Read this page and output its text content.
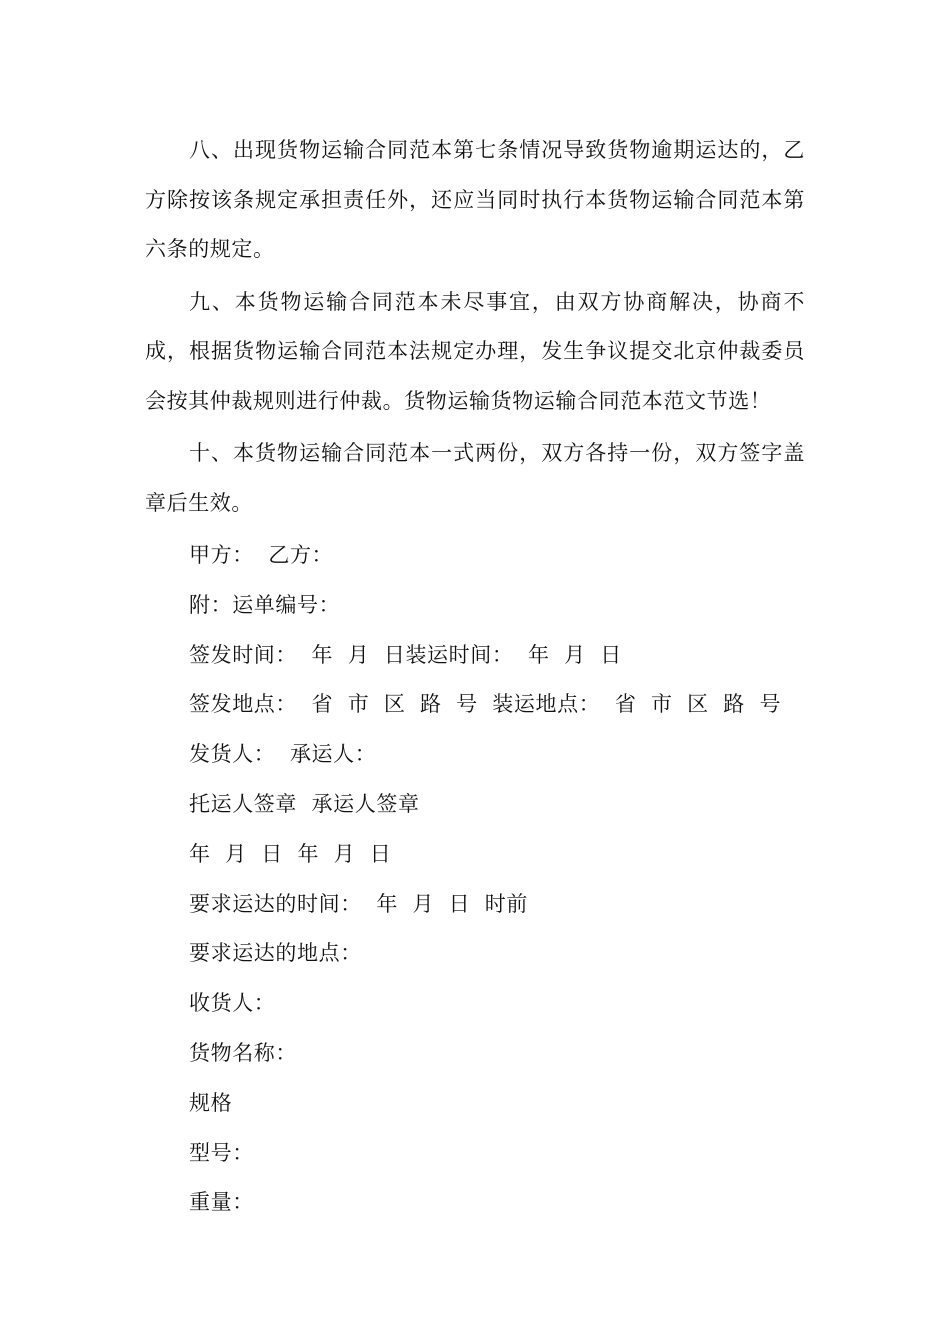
八、出现货物运输合同范本第七条情况导致货物逾期运达的，乙方除按该条规定承担责任外，还应当同时执行本货物运输合同范本第六条的规定。

九、本货物运输合同范本未尽事宜，由双方协商解决，协商不成，根据货物运输合同范本法规定办理，发生争议提交北京仲裁委员会按其仲裁规则进行仲裁。货物运输货物运输合同范本范文节选！

十、本货物运输合同范本一式两份，双方各持一份，双方签字盖章后生效。

甲方：  乙方：

附：运单编号：

签发时间：  年  月  日装运时间：  年  月  日

签发地点：  省  市  区  路  号  装运地点：  省  市  区  路  号

发货人：  承运人：

托运人签章  承运人签章

年  月  日  年  月  日

要求运达的时间：  年  月  日  时前

要求运达的地点：

收货人：

货物名称：

规格

型号：

重量：
